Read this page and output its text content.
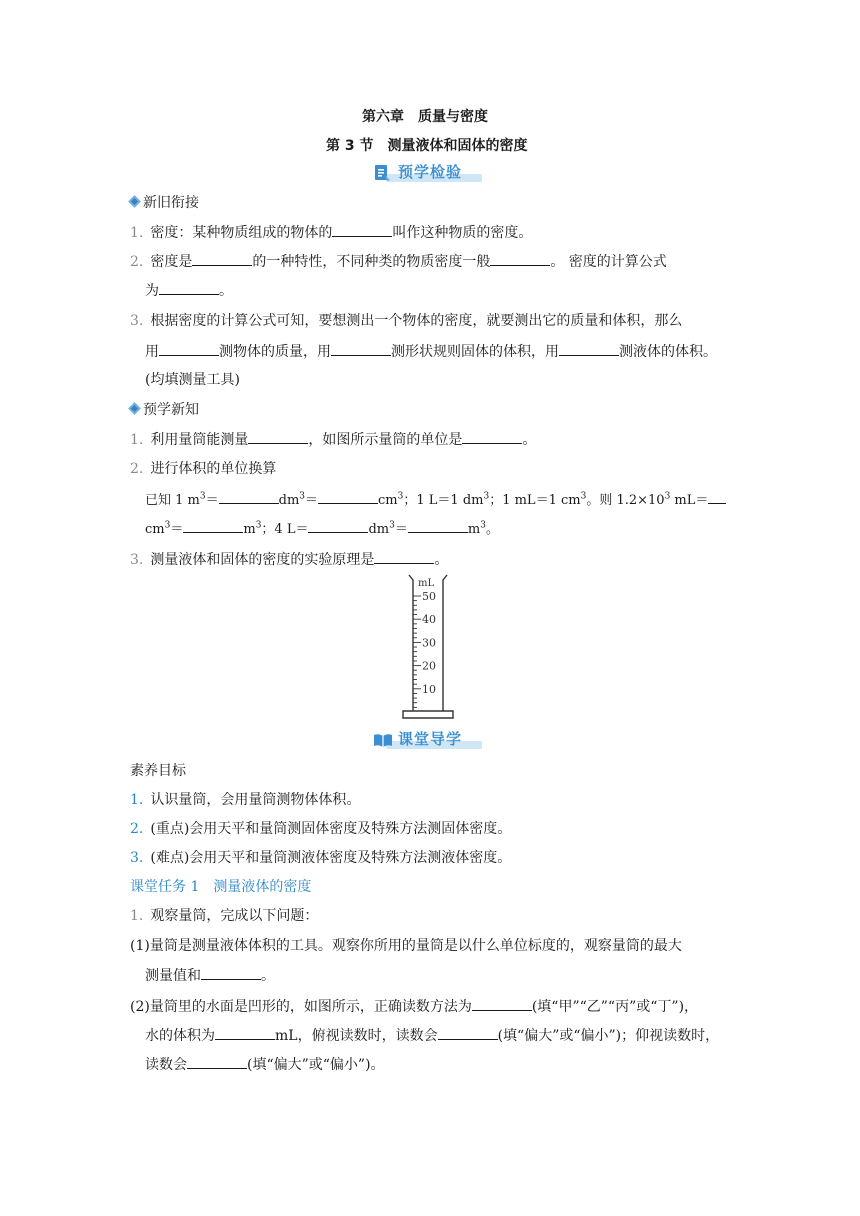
第六章　质量与密度
第 3 节　测量液体和固体的密度
预学检验
新旧衔接
1. 密度：某种物质组成的物体的	叫作这种物质的密度。
2. 密度是	的一种特性，不同种类的物质密度一般	。 密度的计算公式
为	。
3. 根据密度的计算公式可知，要想测出一个物体的密度，就要测出它的质量和体积，那么
用	测物体的质量，用	测形状规则固体的体积，用	测液体的体积。
(均填测量工具)
预学新知
1. 利用量筒能测量	，如图所示量筒的单位是	。
2. 进行体积的单位换算
已知 1 $m^3=$	$dm^3=$	$cm^3$；1 L＝1 $dm^3$；1 mL＝1 $cm^3$。则 $1.2\times 10^3$ mL＝
$cm^3=$	$m^3$；4 L＝	$dm^3=$	$m^3$。
3. 测量液体和固体的密度的实验原理是	。
mL
50
40
30
20
10
课堂导学
素养目标
1. 认识量筒，会用量筒测物体体积。
2. (重点)会用天平和量筒测固体密度及特殊方法测固体密度。
3. (难点)会用天平和量筒测液体密度及特殊方法测液体密度。
课堂任务 1　测量液体的密度
1. 观察量筒，完成以下问题：
(1)量筒是测量液体体积的工具。观察你所用的量筒是以什么单位标度的，观察量筒的最大
测量值和	。
(2)量筒里的水面是凹形的，如图所示，正确读数方法为	(填“甲”“乙”“丙”或“丁”)，
水的体积为	mL，俯视读数时，读数会	(填“偏大”或“偏小”)；仰视读数时，
读数会	(填“偏大”或“偏小”)。
